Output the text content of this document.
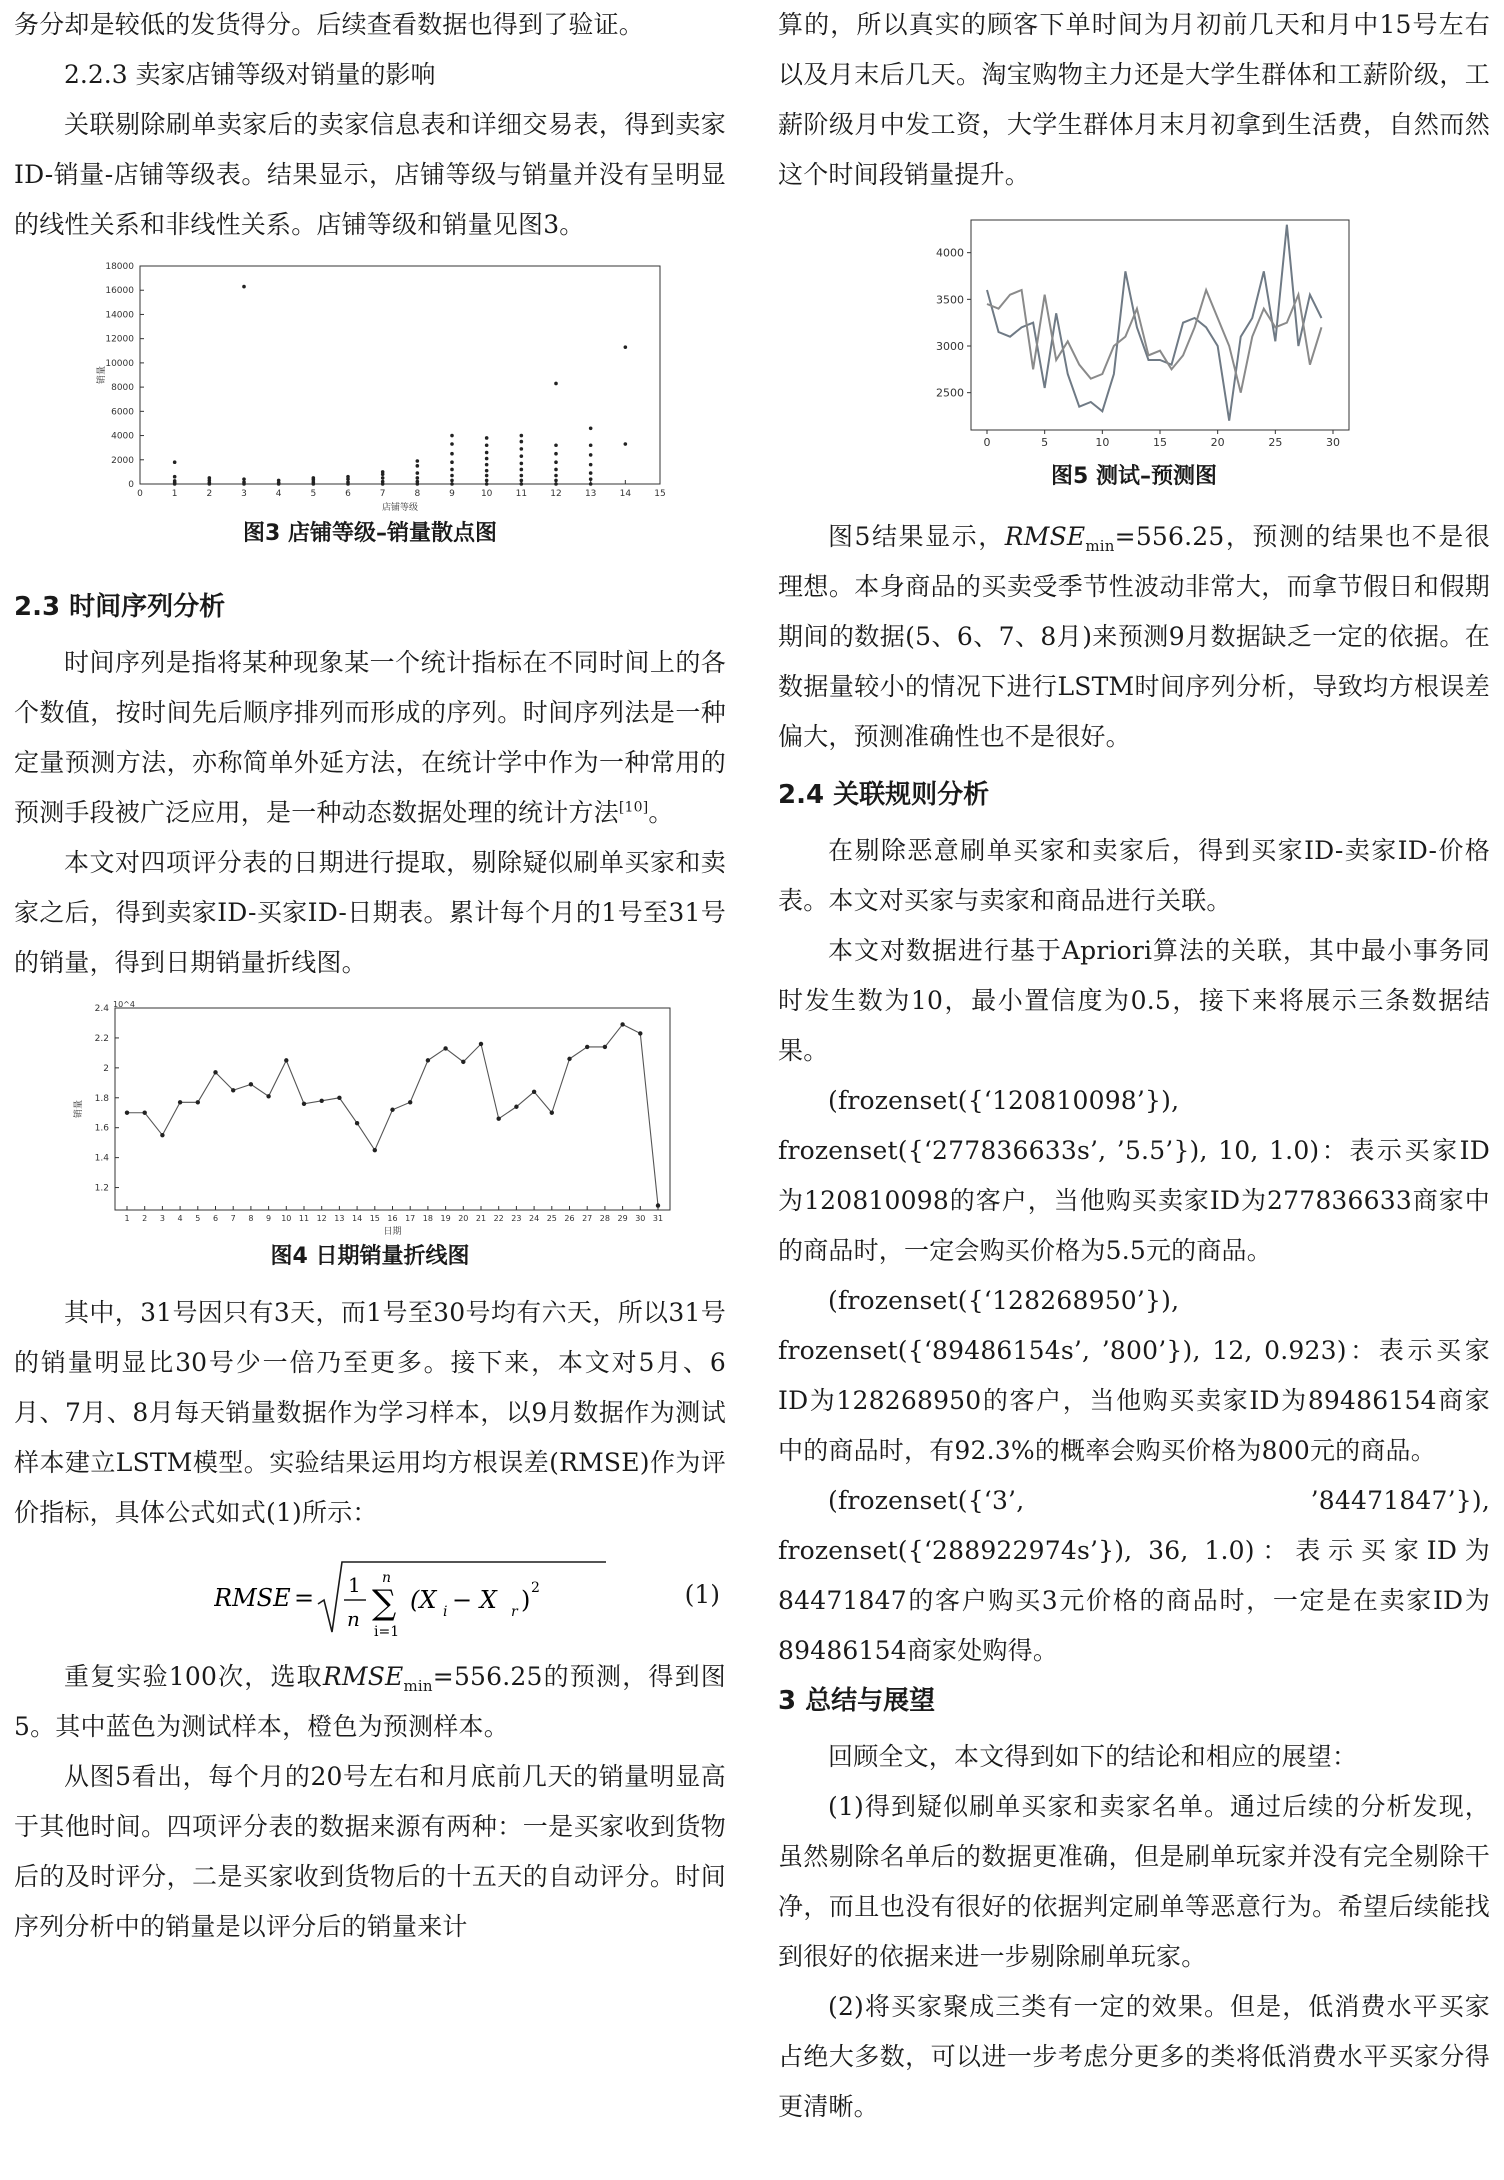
务分却是较低的发货得分。后续查看数据也得到了验证。

2.2.3 卖家店铺等级对销量的影响

关联剔除刷单卖家后的卖家信息表和详细交易表，得到卖家ID-销量-店铺等级表。结果显示，店铺等级与销量并没有呈明显的线性关系和非线性关系。店铺等级和销量见图3。

0
2000
4000
6000
8000
10000
12000
14000
16000
18000
0	1	2	3	4	5	6	7	8	9	10	11	12	13	14	15
店铺等级
销量

图3 店铺等级–销量散点图

2.3 时间序列分析

时间序列是指将某种现象某一个统计指标在不同时间上的各个数值，按时间先后顺序排列而形成的序列。时间序列法是一种定量预测方法，亦称简单外延方法，在统计学中作为一种常用的预测手段被广泛应用，是一种动态数据处理的统计方法[10]。

本文对四项评分表的日期进行提取，剔除疑似刷单买家和卖家之后，得到卖家ID-买家ID-日期表。累计每个月的1号至31号的销量，得到日期销量折线图。

10^4
1.2
1.4
1.6
1.8
2
2.2
2.4
1 2 3 4 5 6 7 8 9 10 11 12 13 14 15 16 17 18 19 20 21 22 23 24 25 26 27 28 29 30 31
日期
销量

图4 日期销量折线图

其中，31号因只有3天，而1号至30号均有六天，所以31号的销量明显比30号少一倍乃至更多。接下来，本文对5月、6月、7月、8月每天销量数据作为学习样本，以9月数据作为测试样本建立LSTM模型。实验结果运用均方根误差(RMSE)作为评价指标，具体公式如式(1)所示：

RMSE = 1
n
n
∑
i=1
(X i − X r ) 2	(1)

重复实验100次，选取$RMSE_{min}=556.25$的预测，得到图5。其中蓝色为测试样本，橙色为预测样本。

从图5看出，每个月的20号左右和月底前几天的销量明显高于其他时间。四项评分表的数据来源有两种：一是买家收到货物后的及时评分，二是买家收到货物后的十五天的自动评分。时间序列分析中的销量是以评分后的销量来计

算的，所以真实的顾客下单时间为月初前几天和月中15号左右以及月末后几天。淘宝购物主力还是大学生群体和工薪阶级，工薪阶级月中发工资，大学生群体月末月初拿到生活费，自然而然这个时间段销量提升。

2500
3000
3500
4000
0	5	10	15	20	25	30

图5 测试–预测图

图5结果显示，$RMSE_{min}=556.25$，预测的结果也不是很理想。本身商品的买卖受季节性波动非常大，而拿节假日和假期期间的数据(5、6、7、8月)来预测9月数据缺乏一定的依据。在数据量较小的情况下进行LSTM时间序列分析，导致均方根误差偏大，预测准确性也不是很好。

2.4 关联规则分析

在剔除恶意刷单买家和卖家后，得到买家ID-卖家ID-价格表。本文对买家与卖家和商品进行关联。

本文对数据进行基于Apriori算法的关联，其中最小事务同时发生数为10，最小置信度为0.5，接下来将展示三条数据结果。

(frozenset({‘120810098’}), frozenset({‘277836633s’, ’5.5’}), 10, 1.0)：表示买家ID为120810098的客户，当他购买卖家ID为277836633商家中的商品时，一定会购买价格为5.5元的商品。

(frozenset({‘128268950’}), frozenset({‘89486154s’, ’800’}), 12, 0.923)：表示买家ID为128268950的客户，当他购买卖家ID为89486154商家中的商品时，有92.3%的概率会购买价格为800元的商品。

(frozenset({‘3’, ’84471847’}), frozenset({‘288922974s’}), 36, 1.0)：表示买家ID为84471847的客户购买3元价格的商品时，一定是在卖家ID为89486154商家处购得。

3 总结与展望

回顾全文，本文得到如下的结论和相应的展望：

(1)得到疑似刷单买家和卖家名单。通过后续的分析发现，虽然剔除名单后的数据更准确，但是刷单玩家并没有完全剔除干净，而且也没有很好的依据判定刷单等恶意行为。希望后续能找到很好的依据来进一步剔除刷单玩家。

(2)将买家聚成三类有一定的效果。但是，低消费水平买家占绝大多数，可以进一步考虑分更多的类将低消费水平买家分得更清晰。
